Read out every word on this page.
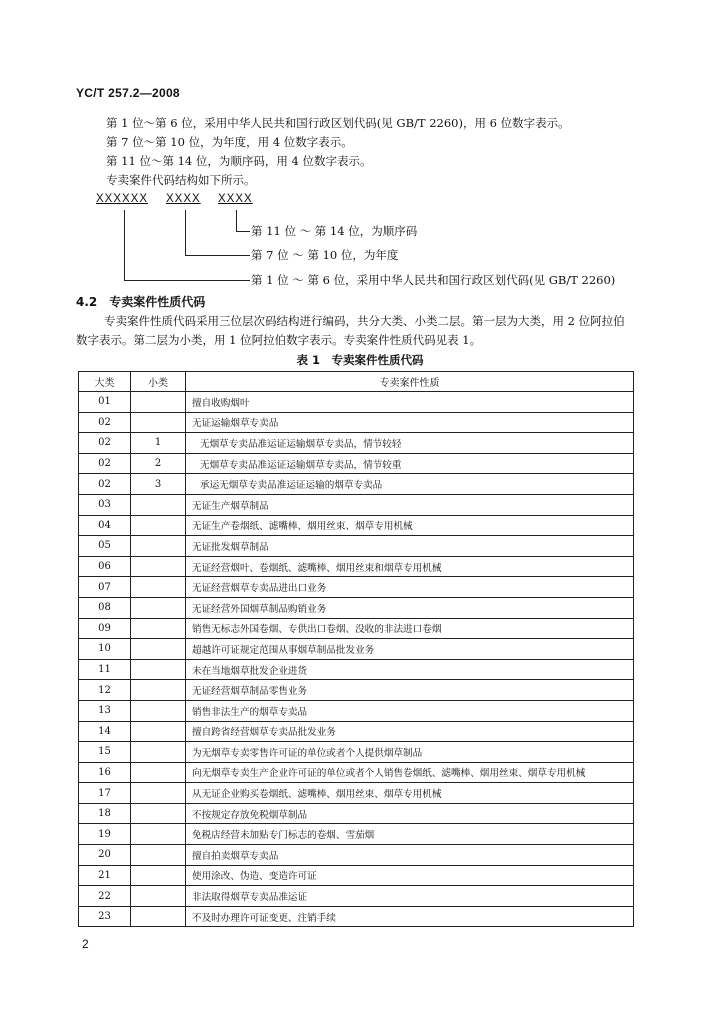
YC/T 257.2—2008
第 1 位～第 6 位，采用中华人民共和国行政区划代码(见 GB/T 2260)，用 6 位数字表示。
第 7 位～第 10 位，为年度，用 4 位数字表示。
第 11 位～第 14 位，为顺序码，用 4 位数字表示。
专卖案件代码结构如下所示。
XXXXXX XXXX XXXX
第 11 位 ～ 第 14 位，为顺序码
第 7 位 ～ 第 10 位，为年度
第 1 位 ～ 第 6 位，采用中华人民共和国行政区划代码(见 GB/T 2260)
4.2　专卖案件性质代码
专卖案件性质代码采用三位层次码结构进行编码，共分大类、小类二层。第一层为大类，用 2 位阿拉伯数字表示。第二层为小类，用 1 位阿拉伯数字表示。专卖案件性质代码见表 1。
表 1　专卖案件性质代码
大类	小类	专卖案件性质
01		擅自收购烟叶
02		无证运输烟草专卖品
02	1	无烟草专卖品准运证运输烟草专卖品，情节较轻
02	2	无烟草专卖品准运证运输烟草专卖品，情节较重
02	3	承运无烟草专卖品准运证运输的烟草专卖品
03		无证生产烟草制品
04		无证生产卷烟纸、滤嘴棒、烟用丝束、烟草专用机械
05		无证批发烟草制品
06		无证经营烟叶、卷烟纸、滤嘴棒、烟用丝束和烟草专用机械
07		无证经营烟草专卖品进出口业务
08		无证经营外国烟草制品购销业务
09		销售无标志外国卷烟、专供出口卷烟、没收的非法进口卷烟
10		超越许可证规定范围从事烟草制品批发业务
11		未在当地烟草批发企业进货
12		无证经营烟草制品零售业务
13		销售非法生产的烟草专卖品
14		擅自跨省经营烟草专卖品批发业务
15		为无烟草专卖零售许可证的单位或者个人提供烟草制品
16		向无烟草专卖生产企业许可证的单位或者个人销售卷烟纸、滤嘴棒、烟用丝束、烟草专用机械
17		从无证企业购买卷烟纸、滤嘴棒、烟用丝束、烟草专用机械
18		不按规定存放免税烟草制品
19		免税店经营未加贴专门标志的卷烟、雪茄烟
20		擅自拍卖烟草专卖品
21		使用涂改、伪造、变造许可证
22		非法取得烟草专卖品准运证
23		不及时办理许可证变更、注销手续
2
